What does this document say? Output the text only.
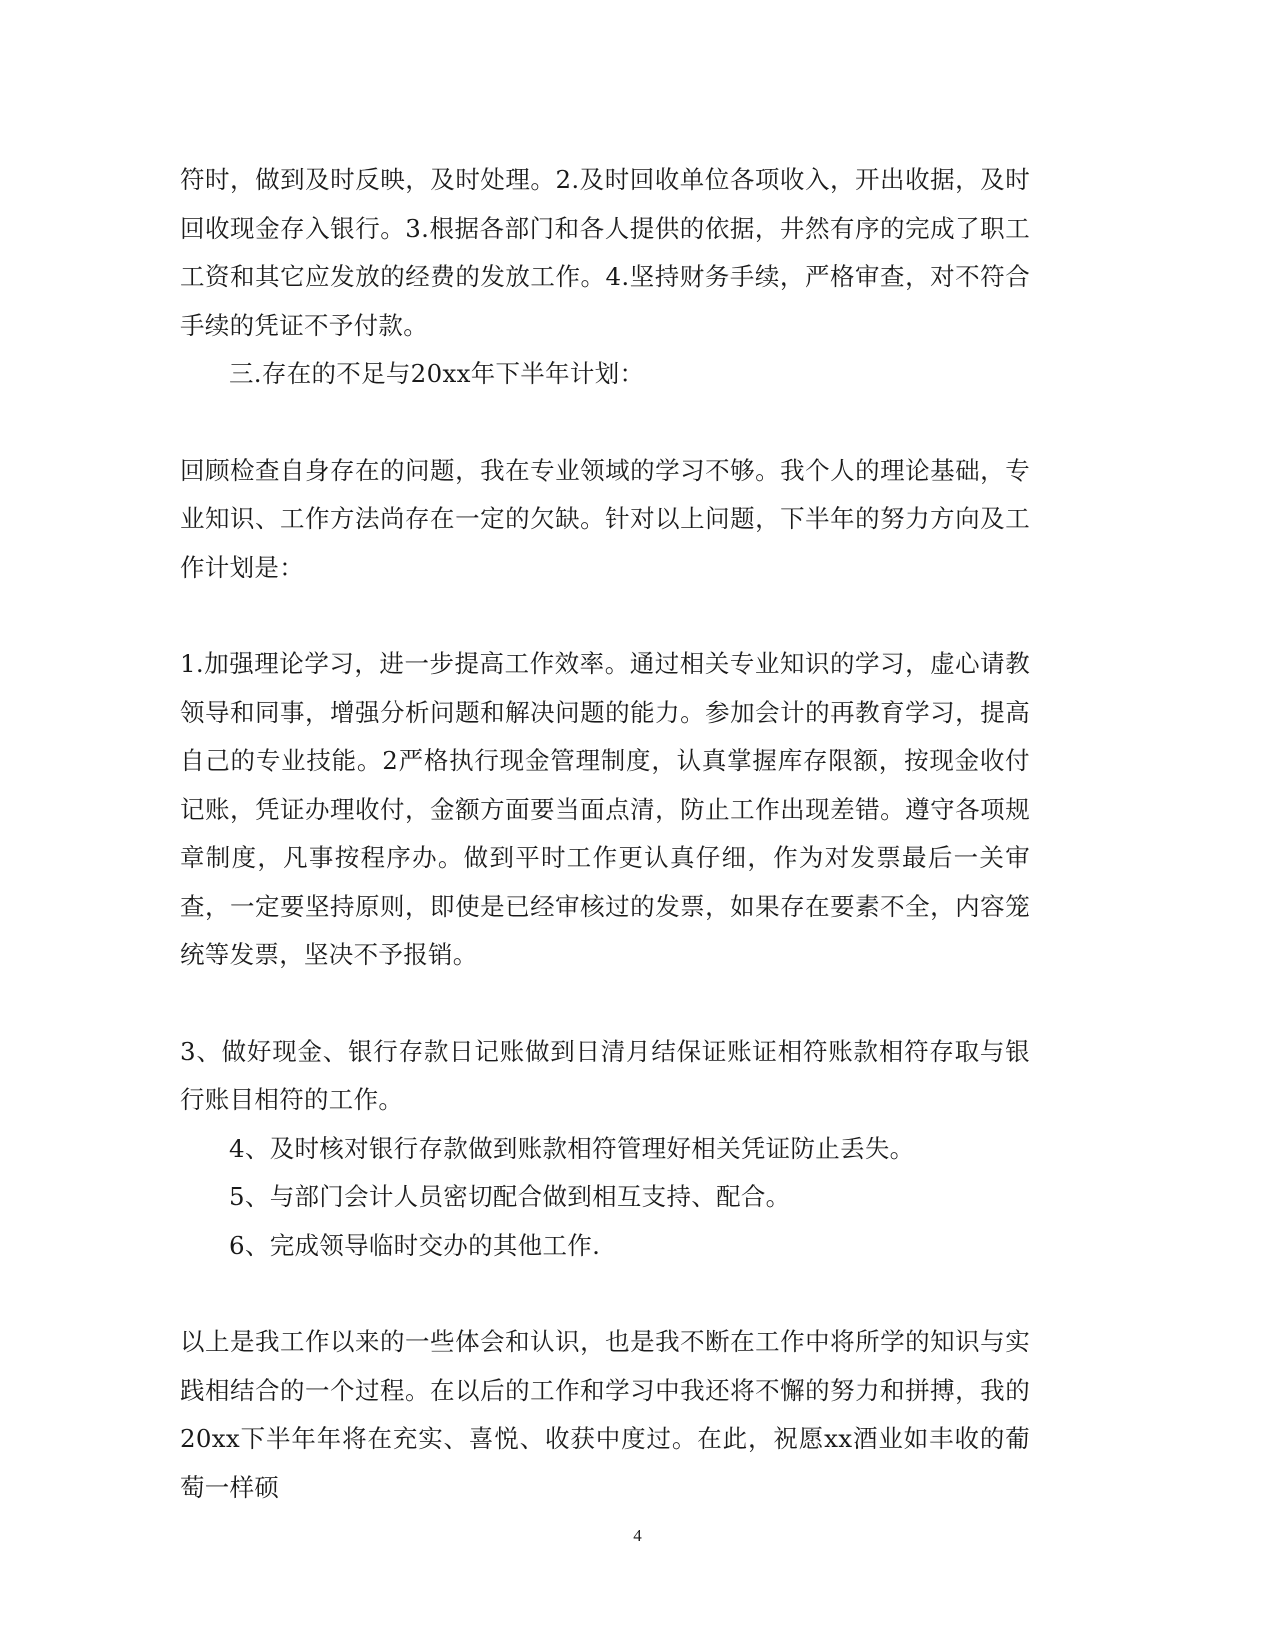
符时，做到及时反映，及时处理。2.及时回收单位各项收入，开出收据，及时回收现金存入银行。3.根据各部门和各人提供的依据，井然有序的完成了职工工资和其它应发放的经费的发放工作。4.坚持财务手续，严格审查，对不符合手续的凭证不予付款。

三.存在的不足与20xx年下半年计划：

回顾检查自身存在的问题，我在专业领域的学习不够。我个人的理论基础，专业知识、工作方法尚存在一定的欠缺。针对以上问题，下半年的努力方向及工作计划是：

1.加强理论学习，进一步提高工作效率。通过相关专业知识的学习，虚心请教领导和同事，增强分析问题和解决问题的能力。参加会计的再教育学习，提高自己的专业技能。2严格执行现金管理制度，认真掌握库存限额，按现金收付记账，凭证办理收付，金额方面要当面点清，防止工作出现差错。遵守各项规章制度，凡事按程序办。做到平时工作更认真仔细，作为对发票最后一关审查，一定要坚持原则，即使是已经审核过的发票，如果存在要素不全，内容笼统等发票，坚决不予报销。

3、做好现金、银行存款日记账做到日清月结保证账证相符账款相符存取与银行账目相符的工作。

4、及时核对银行存款做到账款相符管理好相关凭证防止丢失。

5、与部门会计人员密切配合做到相互支持、配合。

6、完成领导临时交办的其他工作.

以上是我工作以来的一些体会和认识，也是我不断在工作中将所学的知识与实践相结合的一个过程。在以后的工作和学习中我还将不懈的努力和拼搏，我的20xx下半年年将在充实、喜悦、收获中度过。在此，祝愿xx酒业如丰收的葡萄一样硕

4
